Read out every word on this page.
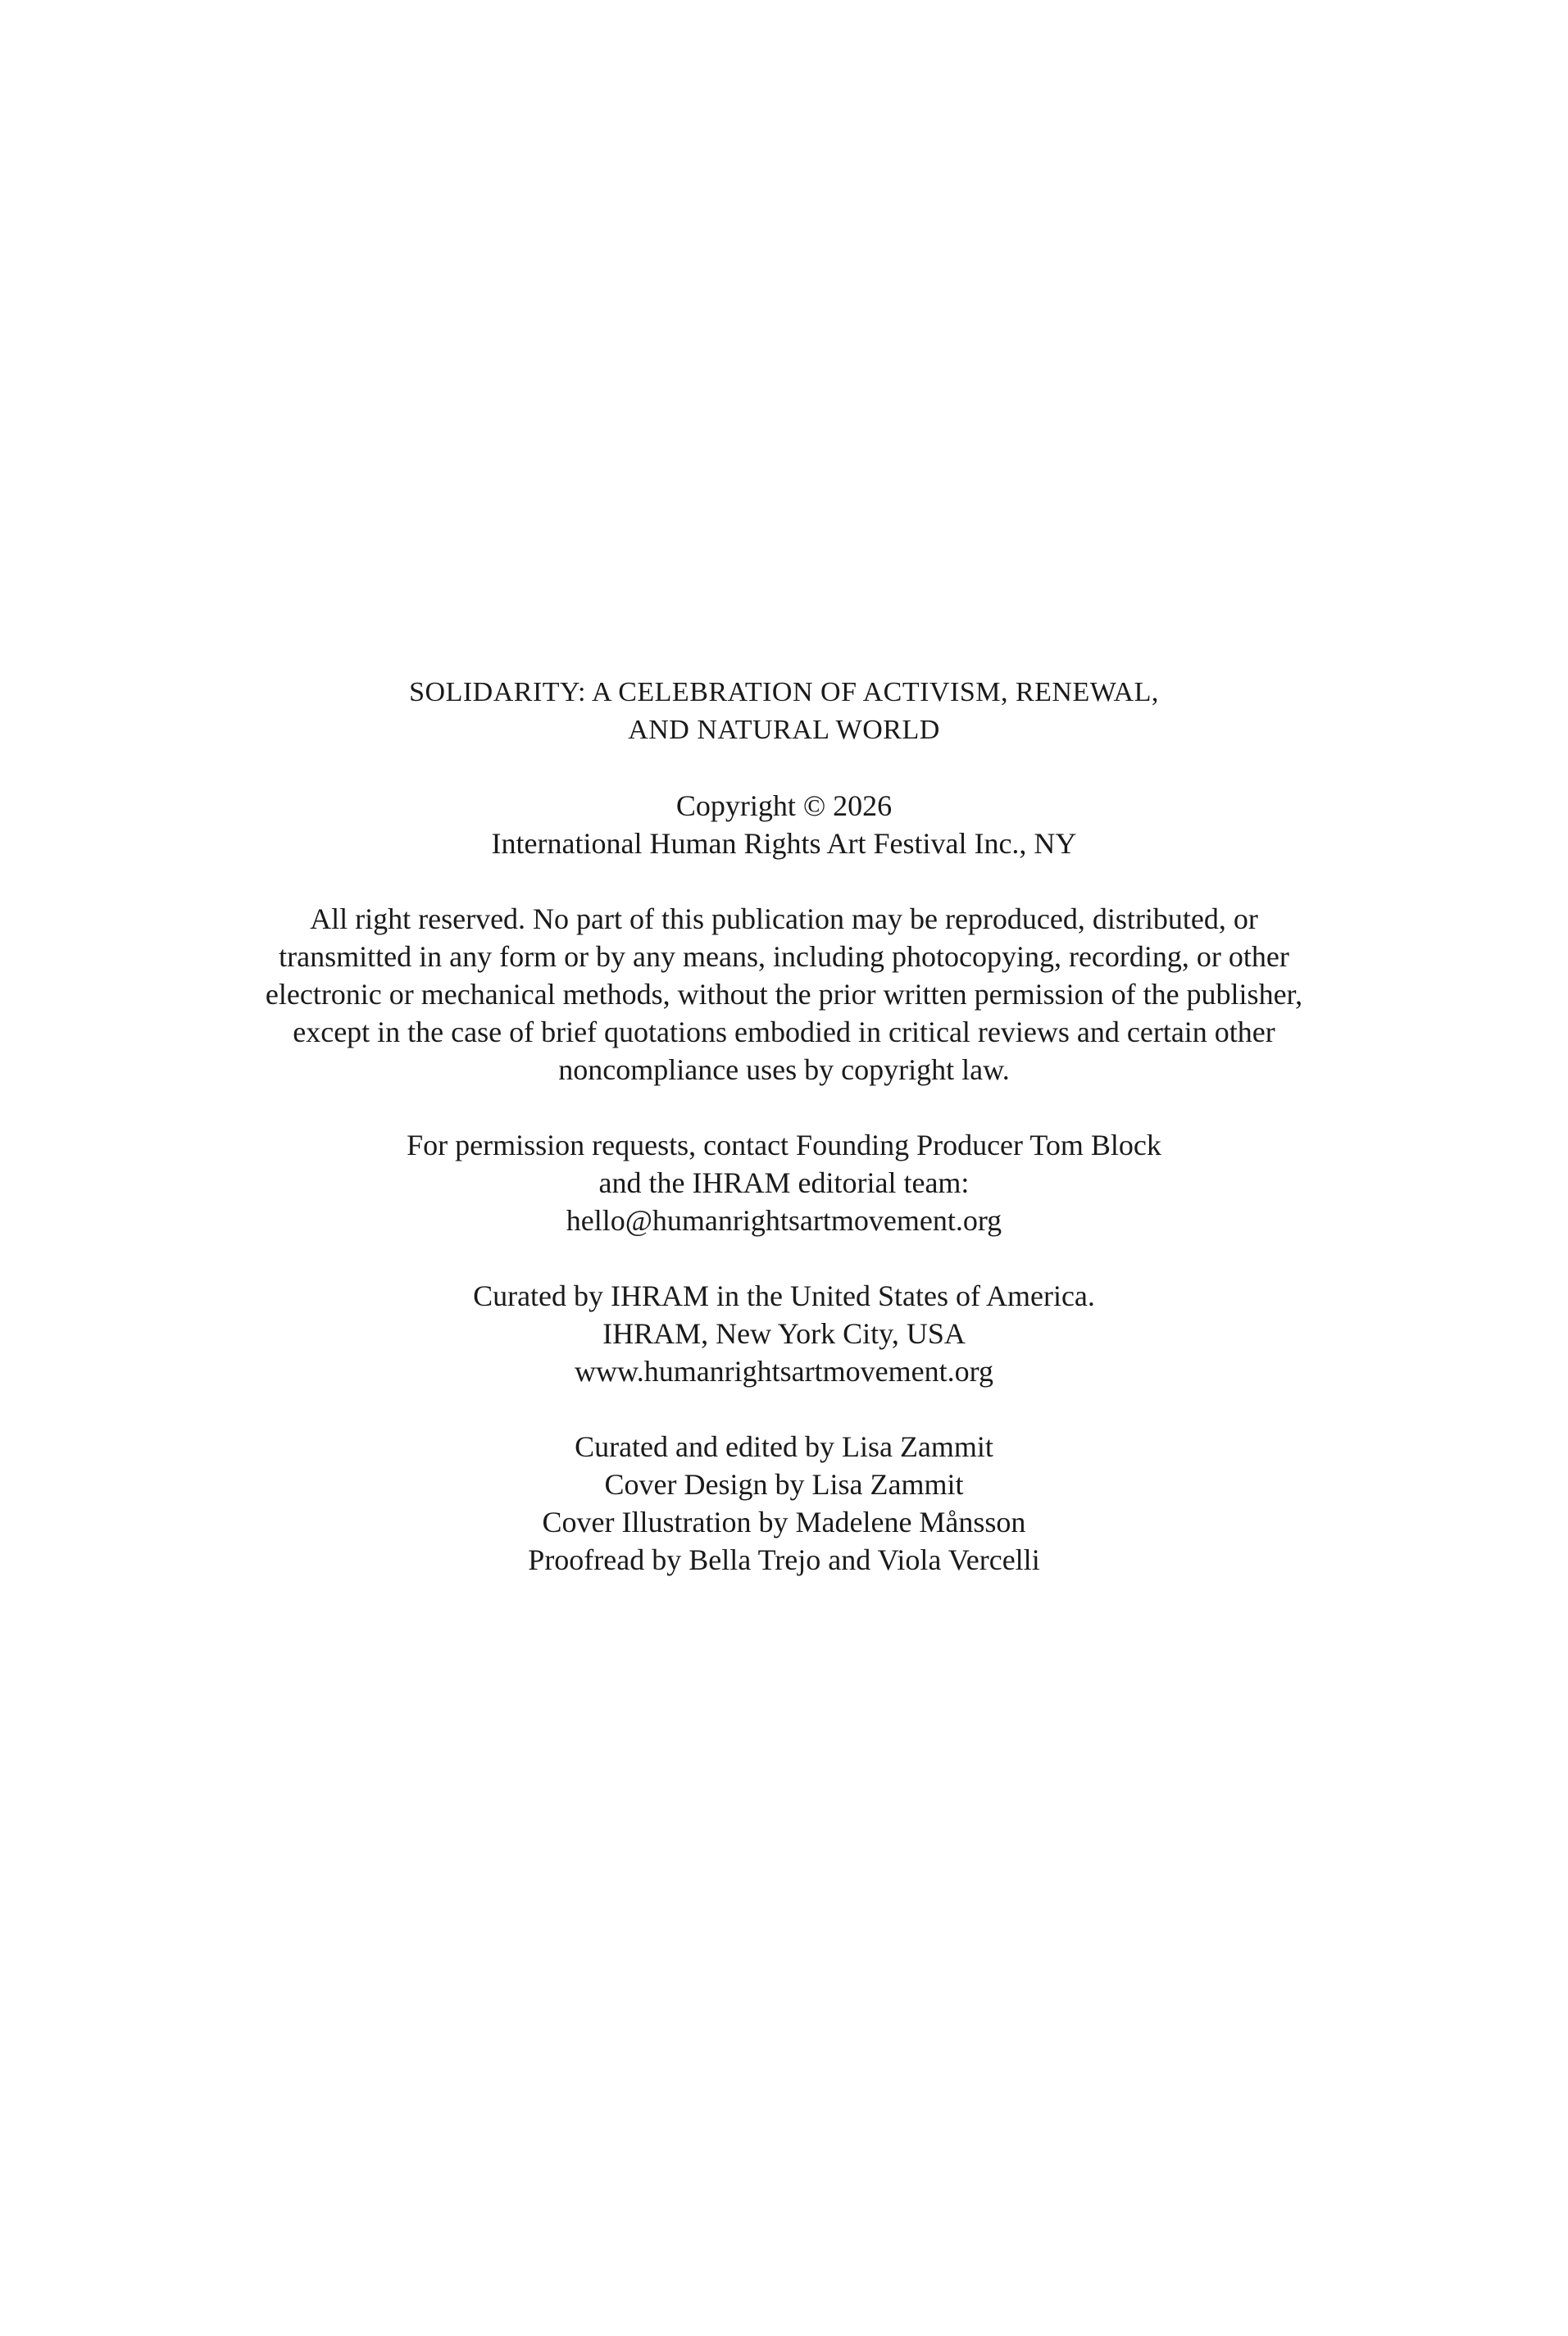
SOLIDARITY: A CELEBRATION OF ACTIVISM, RENEWAL,
AND NATURAL WORLD
Copyright © 2026
International Human Rights Art Festival Inc., NY
All right reserved. No part of this publication may be reproduced, distributed, or
transmitted in any form or by any means, including photocopying, recording, or other
electronic or mechanical methods, without the prior written permission of the publisher,
except in the case of brief quotations embodied in critical reviews and certain other
noncompliance uses by copyright law.
For permission requests, contact Founding Producer Tom Block
and the IHRAM editorial team:
hello@humanrightsartmovement.org
Curated by IHRAM in the United States of America.
IHRAM, New York City, USA
www.humanrightsartmovement.org
Curated and edited by Lisa Zammit
Cover Design by Lisa Zammit
Cover Illustration by Madelene Månsson
Proofread by Bella Trejo and Viola Vercelli
